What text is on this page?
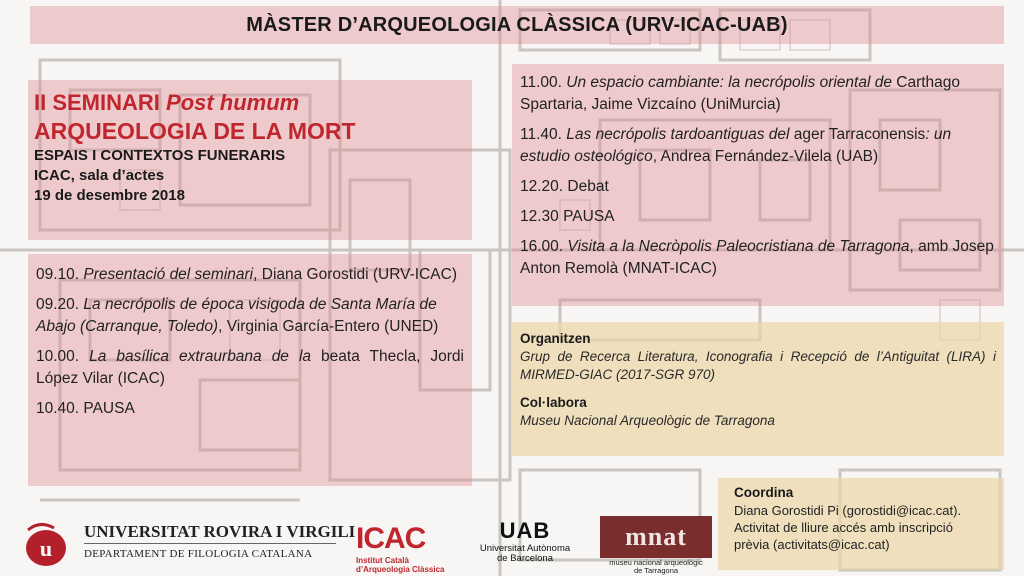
MÀSTER D’ARQUEOLOGIA CLÀSSICA (URV-ICAC-UAB)
II SEMINARI Post humum
ARQUEOLOGIA DE LA MORT
ESPAIS I CONTEXTOS FUNERARIS
ICAC, sala d’actes
19 de desembre 2018
09.10. Presentació del seminari, Diana Gorostidi (URV-ICAC)
09.20. La necrópolis de época visigoda de Santa María de Abajo (Carranque, Toledo), Virginia García-Entero (UNED)
10.00. La basílica extraurbana de la beata Thecla, Jordi López Vilar (ICAC)
10.40. PAUSA
11.00. Un espacio cambiante: la necrópolis oriental de Carthago Spartaria, Jaime Vizcaíno (UniMurcia)
11.40. Las necrópolis tardoantiguas del ager Tarraconensis: un estudio osteológico, Andrea Fernández-Vilela (UAB)
12.20. Debat
12.30 PAUSA
16.00. Visita a la Necròpolis Paleocristiana de Tarragona, amb Josep Anton Remolà (MNAT-ICAC)
Organitzen
Grup de Recerca Literatura, Iconografia i Recepció de l’Antiguitat (LIRA) i MIRMED-GIAC (2017-SGR 970)
Col·labora
Museu Nacional Arqueològic de Tarragona
Coordina
Diana Gorostidi Pi (gorostidi@icac.cat).
Activitat de lliure accés amb inscripció
prèvia (activitats@icac.cat)
u
UNIVERSITAT ROVIRA I VIRGILI
DEPARTAMENT DE FILOLOGIA CATALANA ICAC
Institut Català
d’Arqueologia Clàssica
UAB
Universitat Autònoma
de Barcelona
mnat
museu nacional arqueològic
de Tarragona
